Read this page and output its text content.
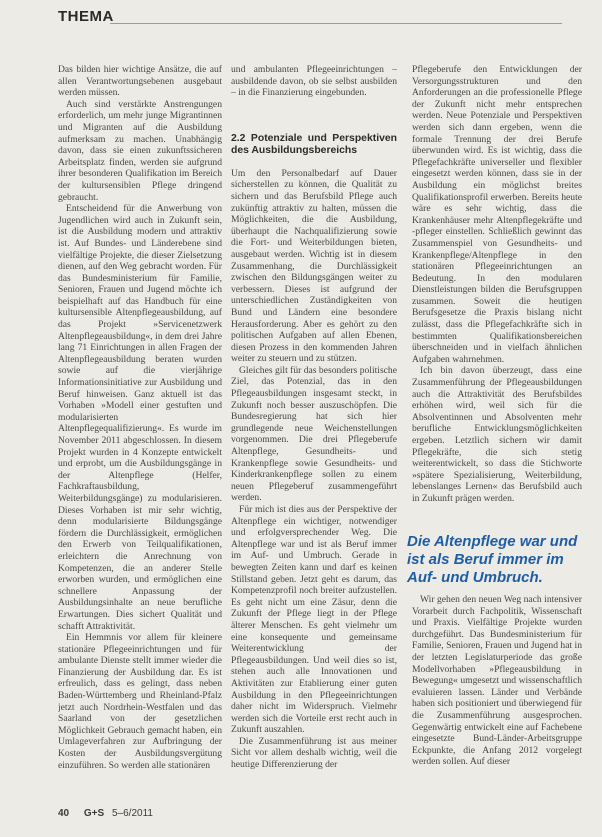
THEMA

Das bilden hier wichtige Ansätze, die auf allen Verantwortungsebenen ausgebaut werden müssen.

Auch sind verstärkte Anstrengungen erforderlich, um mehr junge Migrantinnen und Migranten auf die Ausbildung aufmerksam zu machen. Unabhängig davon, dass sie einen zukunftssicheren Arbeitsplatz finden, werden sie aufgrund ihrer besonderen Qualifikation im Bereich der kultursensiblen Pflege dringend gebraucht.

Entscheidend für die Anwerbung von Jugendlichen wird auch in Zukunft sein, ist die Ausbildung modern und attraktiv ist. Auf Bundes- und Länderebene sind vielfältige Projekte, die dieser Zielsetzung dienen, auf den Weg gebracht worden. Für das Bundesministerium für Familie, Senioren, Frauen und Jugend möchte ich beispielhaft auf das Handbuch für eine kultursensible Altenpflegeausbildung, auf das Projekt »Servicenetzwerk Altenpflegeausbildung«, in dem drei Jahre lang 71 Einrichtungen in allen Fragen der Altenpflegeausbildung beraten wurden sowie auf die vierjährige Informationsinitiative zur Ausbildung und Beruf hinweisen. Ganz aktuell ist das Vorhaben »Modell einer gestuften und modularisierten Altenpflegequalifizierung«. Es wurde im November 2011 abgeschlossen. In diesem Projekt wurden in 4 Konzepte entwickelt und erprobt, um die Ausbildungsgänge in der Altenpflege (Helfer, Fachkraftausbildung, Weiterbildungsgänge) zu modularisieren. Dieses Vorhaben ist mir sehr wichtig, denn modularisierte Bildungsgänge fördern die Durchlässigkeit, ermöglichen den Erwerb von Teilqualifikationen, erleichtern die Anrechnung von Kompetenzen, die an anderer Stelle erworben wurden, und ermöglichen eine schnellere Anpassung der Ausbildungsinhalte an neue berufliche Erwartungen. Dies sichert Qualität und schafft Attraktivität.

Ein Hemmnis vor allem für kleinere stationäre Pflegeeinrichtungen und für ambulante Dienste stellt immer wieder die Finanzierung der Ausbildung dar. Es ist erfreulich, dass es gelingt, dass neben Baden-Württemberg und Rheinland-Pfalz jetzt auch Nordrhein-Westfalen und das Saarland von der gesetzlichen Möglichkeit Gebrauch gemacht haben, ein Umlageverfahren zur Aufbringung der Kosten der Ausbildungsvergütung einzuführen. So werden alle stationären

und ambulanten Pflegeeinrichtungen – ausbildende davon, ob sie selbst ausbilden – in die Finanzierung eingebunden.

2.2 Potenziale und Perspektiven des Ausbildungsbereichs

Um den Personalbedarf auf Dauer sicherstellen zu können, die Qualität zu sichern und das Berufsbild Pflege auch zukünftig attraktiv zu halten, müssen die Möglichkeiten, die die Ausbildung, überhaupt die Nachqualifizierung sowie die Fort- und Weiterbildungen bieten, ausgebaut werden. Wichtig ist in diesem Zusammenhang, die Durchlässigkeit zwischen den Bildungsgängen weiter zu verbessern. Dieses ist aufgrund der unterschiedlichen Zuständigkeiten von Bund und Ländern eine besondere Herausforderung. Aber es gehört zu den politischen Aufgaben auf allen Ebenen, diesen Prozess in den kommenden Jahren weiter zu steuern und zu stützen.

Gleiches gilt für das besonders politische Ziel, das Potenzial, das in den Pflegeausbildungen insgesamt steckt, in Zukunft noch besser auszuschöpfen. Die Bundesregierung hat sich hier grundlegende neue Weichenstellungen vorgenommen. Die drei Pflegeberufe Altenpflege, Gesundheits- und Krankenpflege sowie Gesundheits- und Kinderkrankenpflege sollen zu einem neuen Pflegeberuf zusammengeführt werden.

Für mich ist dies aus der Perspektive der Altenpflege ein wichtiger, notwendiger und erfolgversprechender Weg. Die Altenpflege war und ist als Beruf immer im Auf- und Umbruch. Gerade in bewegten Zeiten kann und darf es keinen Stillstand geben. Jetzt geht es darum, das Kompetenzprofil noch breiter aufzustellen. Es geht nicht um eine Zäsur, denn die Zukunft der Pflege liegt in der Pflege älterer Menschen. Es geht vielmehr um eine konsequente und gemeinsame Weiterentwicklung der Pflegeausbildungen. Und weil dies so ist, stehen auch alle Innovationen und Aktivitäten zur Etablierung einer guten Ausbildung in den Pflegeeinrichtungen daher nicht im Widerspruch. Vielmehr werden sich die Vorteile erst recht auch in Zukunft auszahlen.

Die Zusammenführung ist aus meiner Sicht vor allem deshalb wichtig, weil die heutige Differenzierung der

Pflegeberufe den Entwicklungen der Versorgungsstrukturen und den Anforderungen an die professionelle Pflege der Zukunft nicht mehr entsprechen werden. Neue Potenziale und Perspektiven werden sich dann ergeben, wenn die formale Trennung der drei Berufe überwunden wird. Es ist wichtig, dass die Pflegefachkräfte universeller und flexibler eingesetzt werden können, dass sie in der Ausbildung ein möglichst breites Qualifikationsprofil erwerben. Bereits heute wäre es sehr wichtig, dass die Krankenhäuser mehr Altenpflegekräfte und -pfleger einstellen. Schließlich gewinnt das Zusammenspiel von Gesundheits- und Krankenpflege/Altenpflege in den stationären Pflegeeinrichtungen an Bedeutung. In den modularen Dienstleistungen bilden die Berufsgruppen zusammen. Soweit die heutigen Berufsgesetze die Praxis bislang nicht zulässt, dass die Pflegefachkräfte sich in bestimmten Qualifikationsbereichen überschneiden und in vielfach ähnlichen Aufgaben wahrnehmen.

Ich bin davon überzeugt, dass eine Zusammenführung der Pflegeausbildungen auch die Attraktivität des Berufsbildes erhöhen wird, weil sich für die Absolventinnen und Absolventen mehr berufliche Entwicklungsmöglichkeiten ergeben. Letztlich sichern wir damit Pflegekräfte, die sich stetig weiterentwickelt, so dass die Stichworte »spätere Spezialisierung, Weiterbildung, lebenslanges Lernen« das Berufsbild auch in Zukunft prägen werden.

Wir gehen den neuen Weg nach intensiver Vorarbeit durch Fachpolitik, Wissenschaft und Praxis. Vielfältige Projekte wurden durchgeführt. Das Bundesministerium für Familie, Senioren, Frauen und Jugend hat in der letzten Legislaturperiode das große Modellvorhaben »Pflegeausbildung in Bewegung« umgesetzt und wissenschaftlich evaluieren lassen. Länder und Verbände haben sich positioniert und überwiegend für die Zusammenführung ausgesprochen. Gegenwärtig entwickelt eine auf Fachebene eingesetzte Bund-Länder-Arbeitsgruppe Eckpunkte, die Anfang 2012 vorgelegt werden sollen. Auf dieser

Die Altenpflege war und ist als Beruf immer im Auf- und Umbruch.
40 G+S 5–6/2011
